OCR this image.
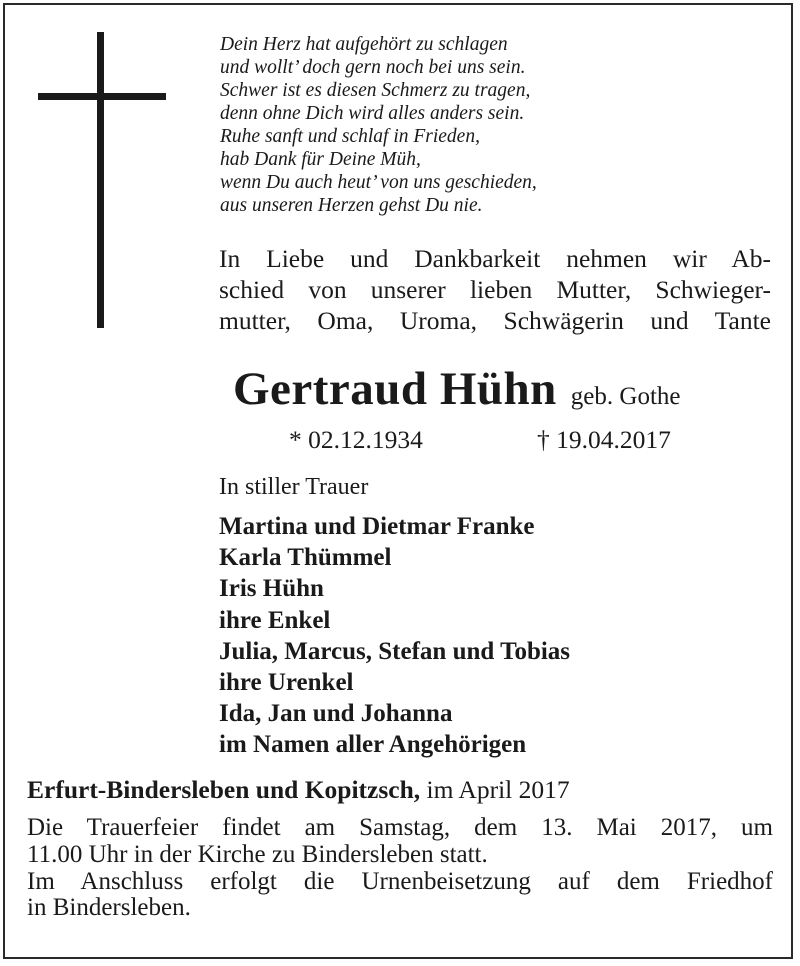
Dein Herz hat aufgehört zu schlagen
und wollt’ doch gern noch bei uns sein.
Schwer ist es diesen Schmerz zu tragen,
denn ohne Dich wird alles anders sein.
Ruhe sanft und schlaf in Frieden,
hab Dank für Deine Müh,
wenn Du auch heut’ von uns geschieden,
aus unseren Herzen gehst Du nie.
In Liebe und Dankbarkeit nehmen wir Ab-
schied von unserer lieben Mutter, Schwieger-
mutter, Oma, Uroma, Schwägerin und Tante
Gertraud Hühn geb. Gothe
* 02.12.1934	† 19.04.2017
In stiller Trauer
Martina und Dietmar Franke
Karla Thümmel
Iris Hühn
ihre Enkel
Julia, Marcus, Stefan und Tobias
ihre Urenkel
Ida, Jan und Johanna
im Namen aller Angehörigen
Erfurt-Bindersleben und Kopitzsch, im April 2017
Die Trauerfeier findet am Samstag, dem 13. Mai 2017, um
11.00 Uhr in der Kirche zu Bindersleben statt.
Im Anschluss erfolgt die Urnenbeisetzung auf dem Friedhof
in Bindersleben.
